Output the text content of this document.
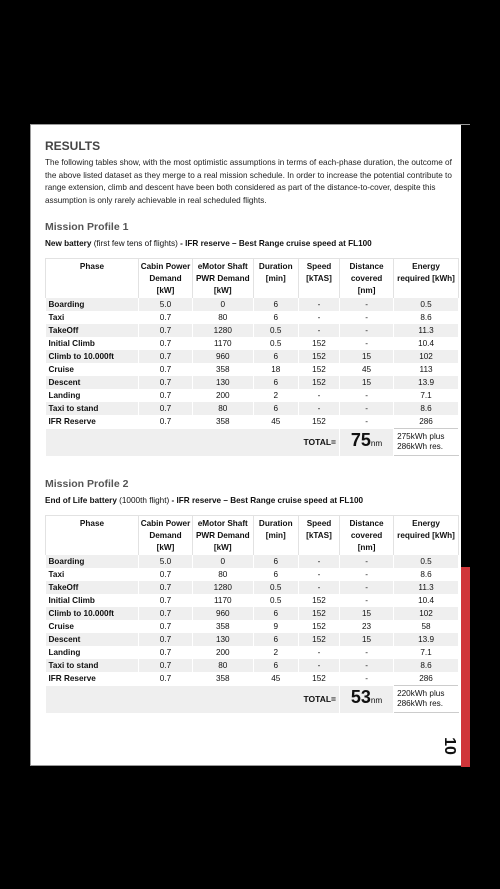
10
RESULTS

The following tables show, with the most optimistic assumptions in terms of each-phase duration, the outcome of the above listed dataset as they merge to a real mission schedule. In order to increase the potential contribute to range extension, climb and descent have been both considered as part of the distance-to-cover, despite this assumption is only rarely achievable in real scheduled flights.

Mission Profile 1

New battery (first few tens of flights) - IFR reserve – Best Range cruise speed at FL100

Phase	Cabin Power Demand [kW]	eMotor Shaft PWR Demand [kW]	Duration [min]	Speed [kTAS]	Distance covered [nm]	Energy required [kWh]
Boarding	5.0	0	6	-	-	0.5
Taxi	0.7	80	6	-	-	8.6
TakeOff	0.7	1280	0.5	-	-	11.3
Initial Climb	0.7	1170	0.5	152	-	10.4
Climb to 10.000ft	0.7	960	6	152	15	102
Cruise	0.7	358	18	152	45	113
Descent	0.7	130	6	152	15	13.9
Landing	0.7	200	2	-	-	7.1
Taxi to stand	0.7	80	6	-	-	8.6
IFR Reserve	0.7	358	45	152	-	286
TOTAL=					75nm	275kWh plus
286kWh res.

Mission Profile 2

End of Life battery (1000th flight) - IFR reserve – Best Range cruise speed at FL100

Phase	Cabin Power Demand [kW]	eMotor Shaft PWR Demand [kW]	Duration [min]	Speed [kTAS]	Distance covered [nm]	Energy required [kWh]
Boarding	5.0	0	6	-	-	0.5
Taxi	0.7	80	6	-	-	8.6
TakeOff	0.7	1280	0.5	-	-	11.3
Initial Climb	0.7	1170	0.5	152	-	10.4
Climb to 10.000ft	0.7	960	6	152	15	102
Cruise	0.7	358	9	152	23	58
Descent	0.7	130	6	152	15	13.9
Landing	0.7	200	2	-	-	7.1
Taxi to stand	0.7	80	6	-	-	8.6
IFR Reserve	0.7	358	45	152	-	286
TOTAL=					53nm	220kWh plus
286kWh res.
